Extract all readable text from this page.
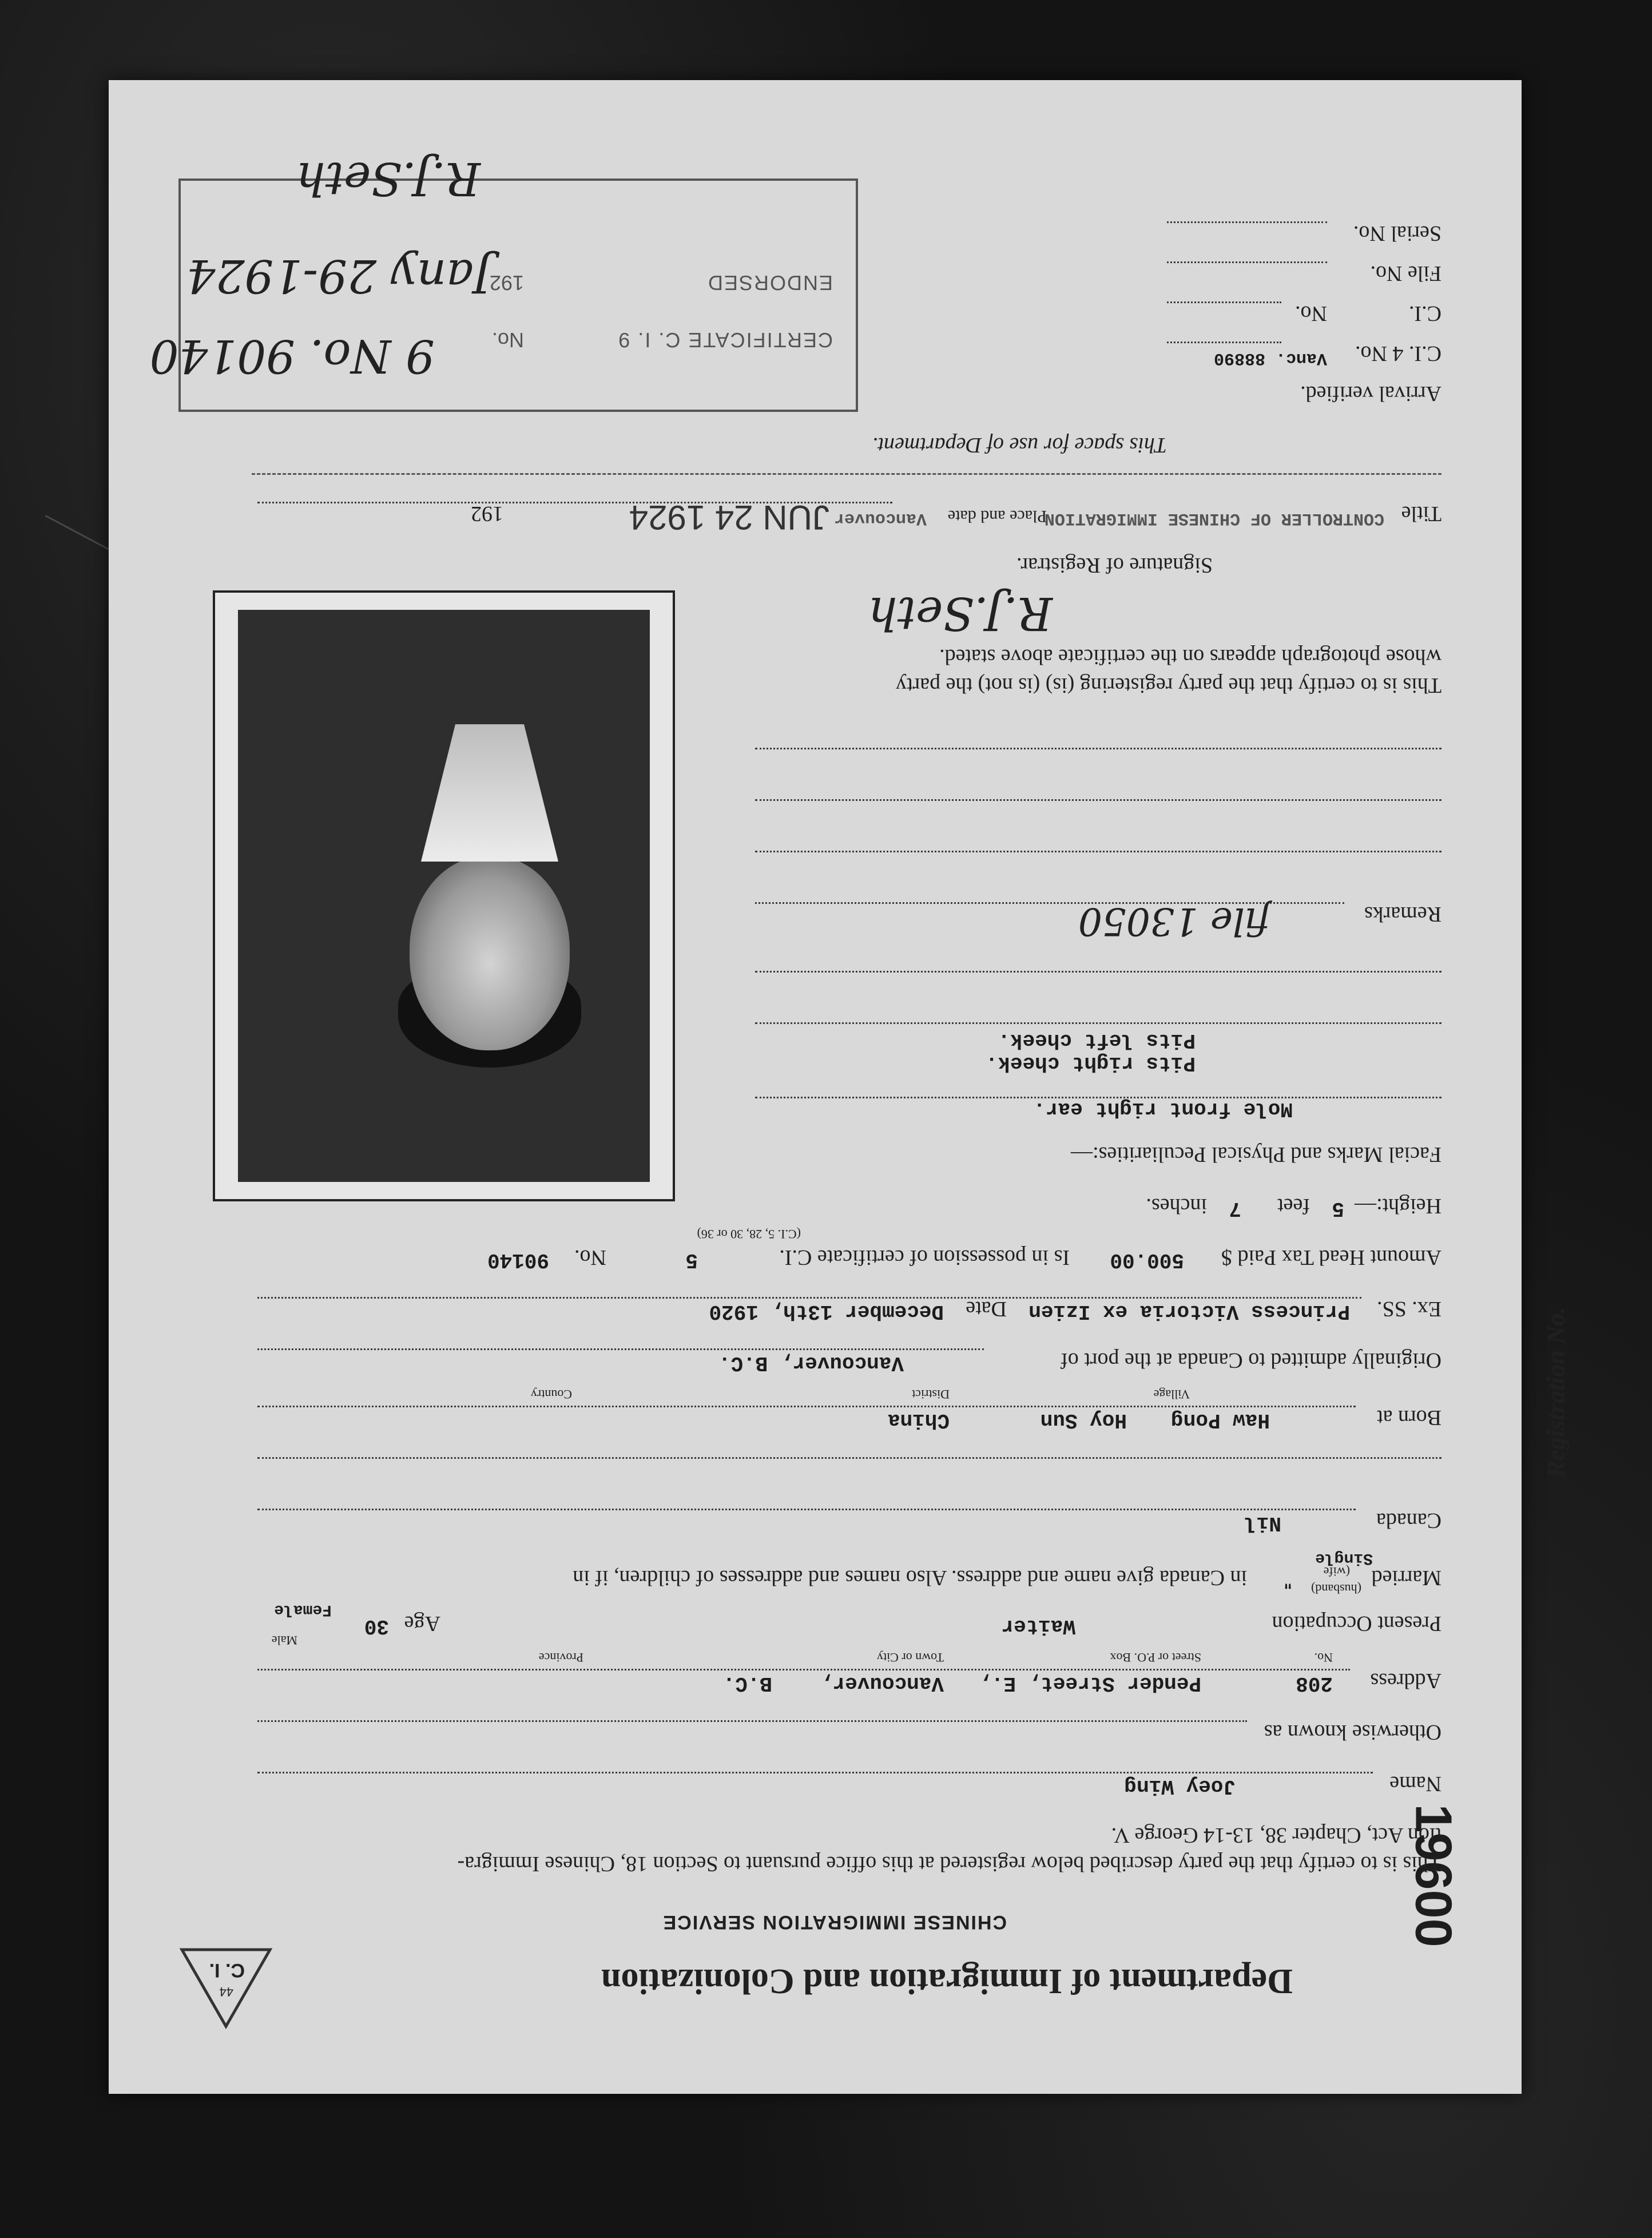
C. I.
44	Department of Immigration and Colonization
CHINESE IMMIGRATION SERVICE	19600
Registration No.
This is to certify that the party described below registered at this office pursuant to Section 18, Chinese Immigra-
tion Act, Chapter 38, 13-14 George V.
Name
Joey Wing
Otherwise known as
Address
208
Pender Street, E.,
Vancouver,
B.C.
No.
Street or P.O. Box
Town or City
Province
Present Occupation
Waiter
Age
30
Male
Female
Married
(husband)
(wife
Single
"
in Canada give name and address. Also names and addresses of children, if in
Canada
Nil
Born at
Haw Pong
Hoy Sun
China
Village
District
Country
Originally admitted to Canada at the port of
Vancouver, B.C.
Ex. SS.
Princess Victoria ex Izien
Date
December 13th, 1920
Amount Head Tax Paid $
500.00
Is in possession of certificate C.I.
5
No.
90140
(C.I. 5, 28, 30 or 36)
Height:—
5
feet
7
inches.
Facial Marks and Physical Peculiarities:—
Mole front right ear.
Pits right cheek.
Pits left cheek.
Remarks
file 13050
This is to certify that the party registering (is) (is not) the party
whose photograph appears on the certificate above stated.
R.J.Seth
Signature of Registrar.
Title
CONTROLLER OF CHINESE IMMIGRATION
Place and date
Vancouver
JUN 24 1924
192
This space for use of Department.
Arrival verified.
C.I. 4 No.
Vanc. 88890
C.I.
No.
File No.
Serial No.
CERTIFICATE C. I. 9
No.
ENDORSED
192
9 No. 90140
Jany 29-1924
R.J.Seth
